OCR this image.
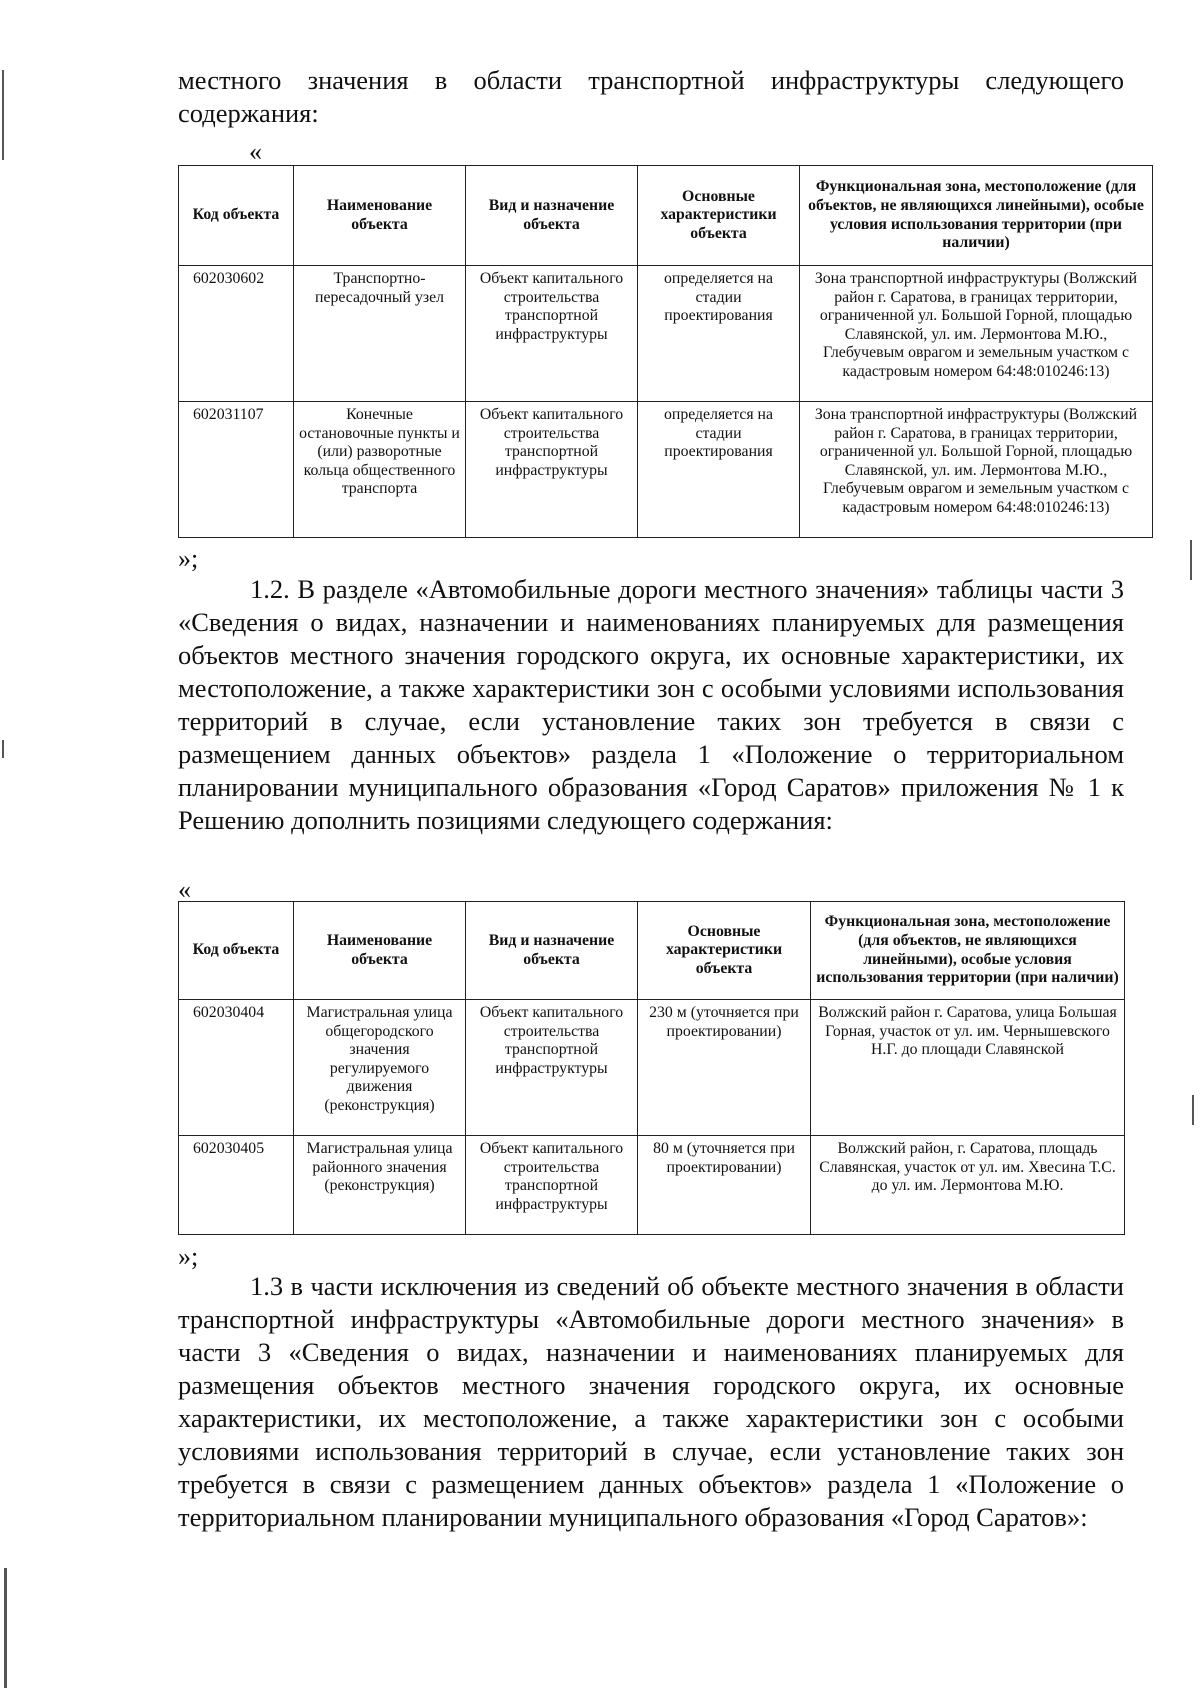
местного значения в области транспортной инфраструктуры следующего содержания:

«
Код объекта	Наименование объекта	Вид и назначение объекта	Основные характеристики объекта	Функциональная зона, местоположение (для объектов, не являющихся линейными), особые условия использования территории (при наличии)
602030602	Транспортно-пересадочный узел	Объект капитального строительства транспортной инфраструктуры	определяется на стадии проектирования	Зона транспортной инфраструктуры (Волжский район г. Саратова, в границах территории, ограниченной ул. Большой Горной, площадью Славянской, ул. им. Лермонтова М.Ю., Глебучевым оврагом и земельным участком с кадастровым номером 64:48:010246:13)
602031107	Конечные остановочные пункты и (или) разворотные кольца общественного транспорта	Объект капитального строительства транспортной инфраструктуры	определяется на стадии проектирования	Зона транспортной инфраструктуры (Волжский район г. Саратова, в границах территории, ограниченной ул. Большой Горной, площадью Славянской, ул. им. Лермонтова М.Ю., Глебучевым оврагом и земельным участком с кадастровым номером 64:48:010246:13)
»;

1.2. В разделе «Автомобильные дороги местного значения» таблицы части 3 «Сведения о видах, назначении и наименованиях планируемых для размещения объектов местного значения городского округа, их основные характеристики, их местоположение, а также характеристики зон с особыми условиями использования территорий в случае, если установление таких зон требуется в связи с размещением данных объектов» раздела 1 «Положение о территориальном планировании муниципального образования «Город Саратов» приложения № 1 к Решению дополнить позициями следующего содержания:

«
Код объекта	Наименование объекта	Вид и назначение объекта	Основные характеристики объекта	Функциональная зона, местоположение (для объектов, не являющихся линейными), особые условия использования территории (при наличии)
602030404	Магистральная улица общегородского значения регулируемого движения (реконструкция)	Объект капитального строительства транспортной инфраструктуры	230 м (уточняется при проектировании)	Волжский район г. Саратова, улица Большая Горная, участок от ул. им. Чернышевского Н.Г. до площади Славянской
602030405	Магистральная улица районного значения (реконструкция)	Объект капитального строительства транспортной инфраструктуры	80 м (уточняется при проектировании)	Волжский район, г. Саратова, площадь Славянская, участок от ул. им. Хвесина Т.С. до ул. им. Лермонтова М.Ю.
»;

1.3 в части исключения из сведений об объекте местного значения в области транспортной инфраструктуры «Автомобильные дороги местного значения» в части 3 «Сведения о видах, назначении и наименованиях планируемых для размещения объектов местного значения городского округа, их основные характеристики, их местоположение, а также характеристики зон с особыми условиями использования территорий в случае, если установление таких зон требуется в связи с размещением данных объектов» раздела 1 «Положение о территориальном планировании муниципального образования «Город Саратов»:
